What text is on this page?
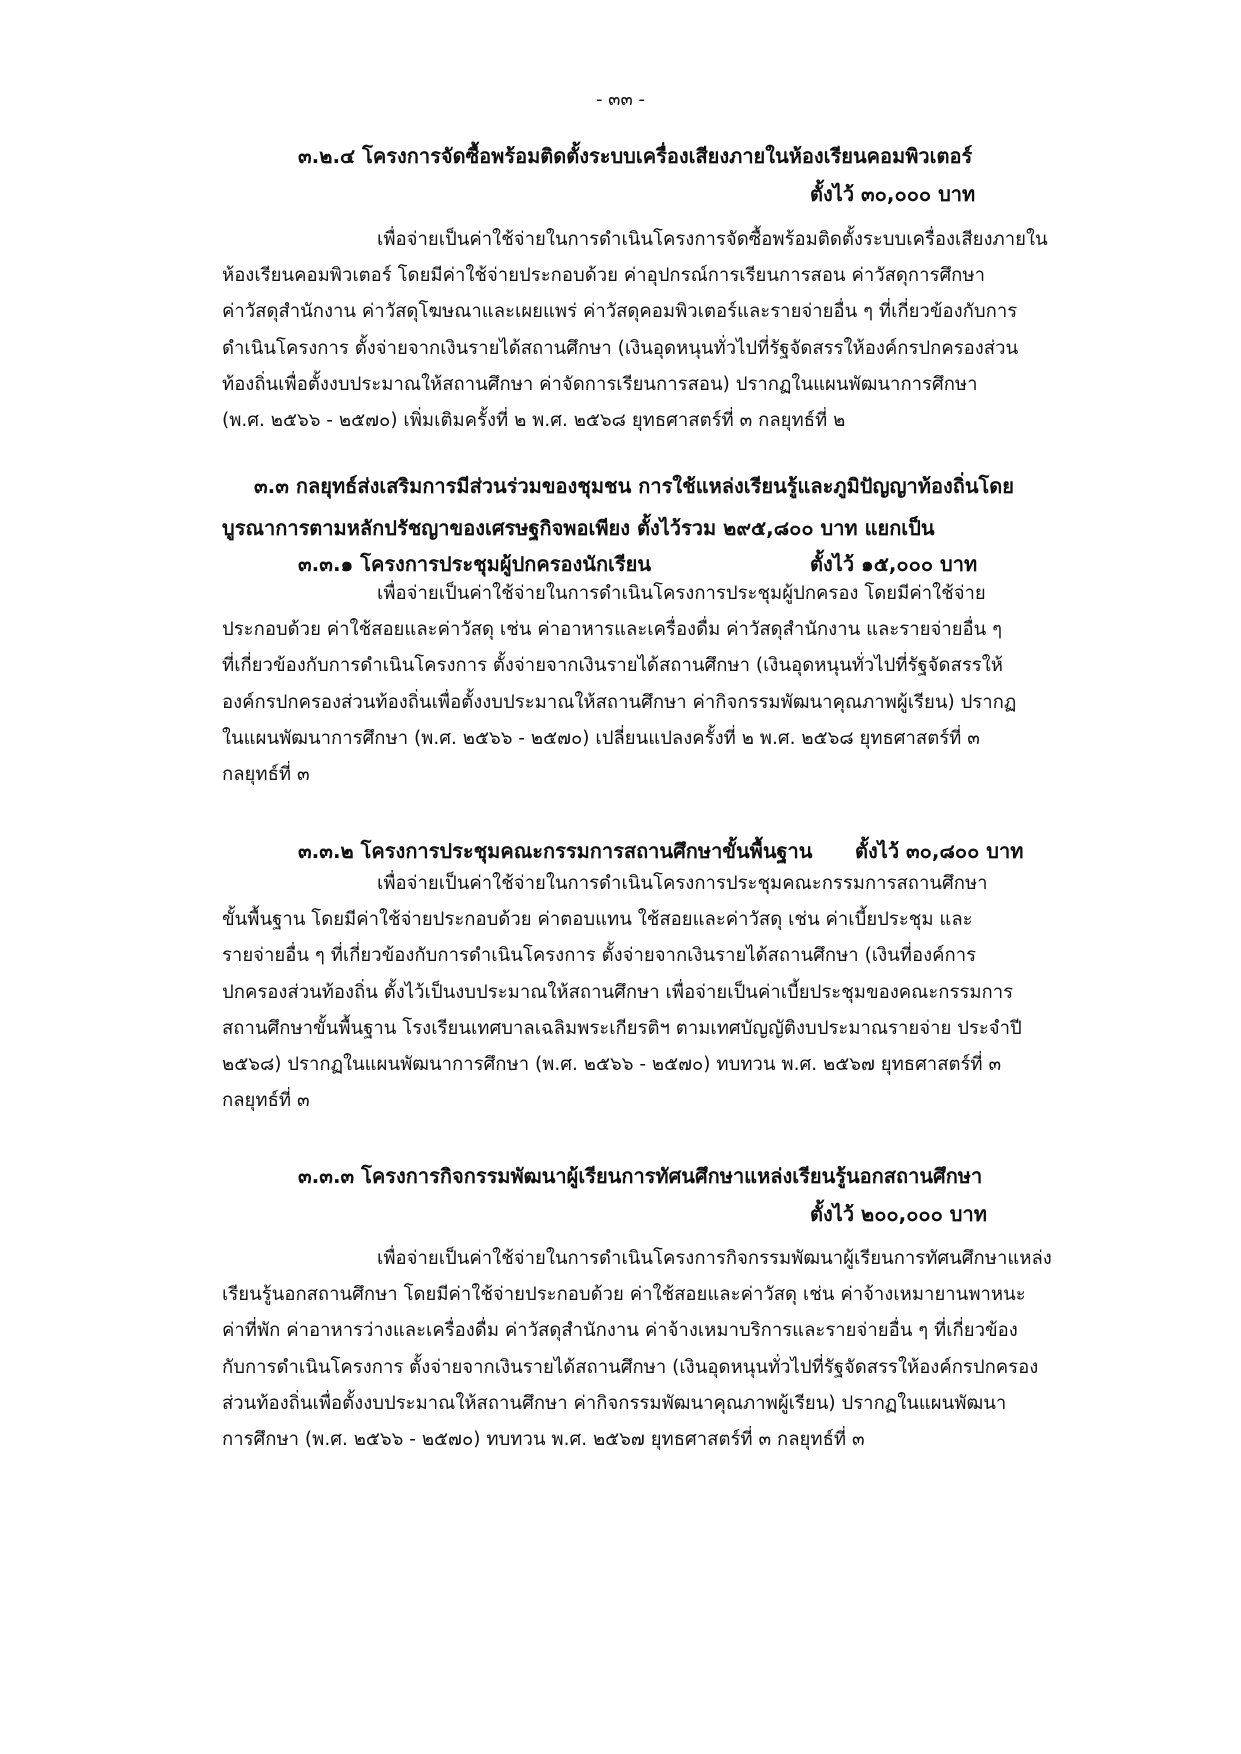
- ๓๓ -
๓.๒.๔ โครงการจัดซื้อพร้อมติดตั้งระบบเครื่องเสียงภายในห้องเรียนคอมพิวเตอร์
ตั้งไว้ ๓๐,๐๐๐ บาท
เพื่อจ่ายเป็นค่าใช้จ่ายในการดำเนินโครงการจัดซื้อพร้อมติดตั้งระบบเครื่องเสียงภายใน
ห้องเรียนคอมพิวเตอร์ โดยมีค่าใช้จ่ายประกอบด้วย ค่าอุปกรณ์การเรียนการสอน ค่าวัสดุการศึกษา
ค่าวัสดุสำนักงาน ค่าวัสดุโฆษณาและเผยแพร่ ค่าวัสดุคอมพิวเตอร์และรายจ่ายอื่น ๆ ที่เกี่ยวข้องกับการ
ดำเนินโครงการ ตั้งจ่ายจากเงินรายได้สถานศึกษา (เงินอุดหนุนทั่วไปที่รัฐจัดสรรให้องค์กรปกครองส่วน
ท้องถิ่นเพื่อตั้งงบประมาณให้สถานศึกษา ค่าจัดการเรียนการสอน) ปรากฏในแผนพัฒนาการศึกษา
(พ.ศ. ๒๕๖๖ - ๒๕๗๐) เพิ่มเติมครั้งที่ ๒ พ.ศ. ๒๕๖๘ ยุทธศาสตร์ที่ ๓ กลยุทธ์ที่ ๒
๓.๓ กลยุทธ์ส่งเสริมการมีส่วนร่วมของชุมชน การใช้แหล่งเรียนรู้และภูมิปัญญาท้องถิ่นโดย
บูรณาการตามหลักปรัชญาของเศรษฐกิจพอเพียง ตั้งไว้รวม ๒๙๕,๘๐๐ บาท แยกเป็น
๓.๓.๑ โครงการประชุมผู้ปกครองนักเรียน	ตั้งไว้ ๑๕,๐๐๐ บาท
เพื่อจ่ายเป็นค่าใช้จ่ายในการดำเนินโครงการประชุมผู้ปกครอง โดยมีค่าใช้จ่าย
ประกอบด้วย ค่าใช้สอยและค่าวัสดุ เช่น ค่าอาหารและเครื่องดื่ม ค่าวัสดุสำนักงาน และรายจ่ายอื่น ๆ
ที่เกี่ยวข้องกับการดำเนินโครงการ ตั้งจ่ายจากเงินรายได้สถานศึกษา (เงินอุดหนุนทั่วไปที่รัฐจัดสรรให้
องค์กรปกครองส่วนท้องถิ่นเพื่อตั้งงบประมาณให้สถานศึกษา ค่ากิจกรรมพัฒนาคุณภาพผู้เรียน) ปรากฏ
ในแผนพัฒนาการศึกษา (พ.ศ. ๒๕๖๖ - ๒๕๗๐) เปลี่ยนแปลงครั้งที่ ๒ พ.ศ. ๒๕๖๘ ยุทธศาสตร์ที่ ๓
กลยุทธ์ที่ ๓
๓.๓.๒ โครงการประชุมคณะกรรมการสถานศึกษาขั้นพื้นฐาน ตั้งไว้ ๓๐,๘๐๐ บาท
เพื่อจ่ายเป็นค่าใช้จ่ายในการดำเนินโครงการประชุมคณะกรรมการสถานศึกษา
ขั้นพื้นฐาน โดยมีค่าใช้จ่ายประกอบด้วย ค่าตอบแทน ใช้สอยและค่าวัสดุ เช่น ค่าเบี้ยประชุม และ
รายจ่ายอื่น ๆ ที่เกี่ยวข้องกับการดำเนินโครงการ ตั้งจ่ายจากเงินรายได้สถานศึกษา (เงินที่องค์การ
ปกครองส่วนท้องถิ่น ตั้งไว้เป็นงบประมาณให้สถานศึกษา เพื่อจ่ายเป็นค่าเบี้ยประชุมของคณะกรรมการ
สถานศึกษาขั้นพื้นฐาน โรงเรียนเทศบาลเฉลิมพระเกียรติฯ ตามเทศบัญญัติงบประมาณรายจ่าย ประจำปี
๒๕๖๘) ปรากฏในแผนพัฒนาการศึกษา (พ.ศ. ๒๕๖๖ - ๒๕๗๐) ทบทวน พ.ศ. ๒๕๖๗ ยุทธศาสตร์ที่ ๓
กลยุทธ์ที่ ๓
๓.๓.๓ โครงการกิจกรรมพัฒนาผู้เรียนการทัศนศึกษาแหล่งเรียนรู้นอกสถานศึกษา
ตั้งไว้ ๒๐๐,๐๐๐ บาท
เพื่อจ่ายเป็นค่าใช้จ่ายในการดำเนินโครงการกิจกรรมพัฒนาผู้เรียนการทัศนศึกษาแหล่ง
เรียนรู้นอกสถานศึกษา โดยมีค่าใช้จ่ายประกอบด้วย ค่าใช้สอยและค่าวัสดุ เช่น ค่าจ้างเหมายานพาหนะ
ค่าที่พัก ค่าอาหารว่างและเครื่องดื่ม ค่าวัสดุสำนักงาน ค่าจ้างเหมาบริการและรายจ่ายอื่น ๆ ที่เกี่ยวข้อง
กับการดำเนินโครงการ ตั้งจ่ายจากเงินรายได้สถานศึกษา (เงินอุดหนุนทั่วไปที่รัฐจัดสรรให้องค์กรปกครอง
ส่วนท้องถิ่นเพื่อตั้งงบประมาณให้สถานศึกษา ค่ากิจกรรมพัฒนาคุณภาพผู้เรียน) ปรากฏในแผนพัฒนา
การศึกษา (พ.ศ. ๒๕๖๖ - ๒๕๗๐) ทบทวน พ.ศ. ๒๕๖๗ ยุทธศาสตร์ที่ ๓ กลยุทธ์ที่ ๓
